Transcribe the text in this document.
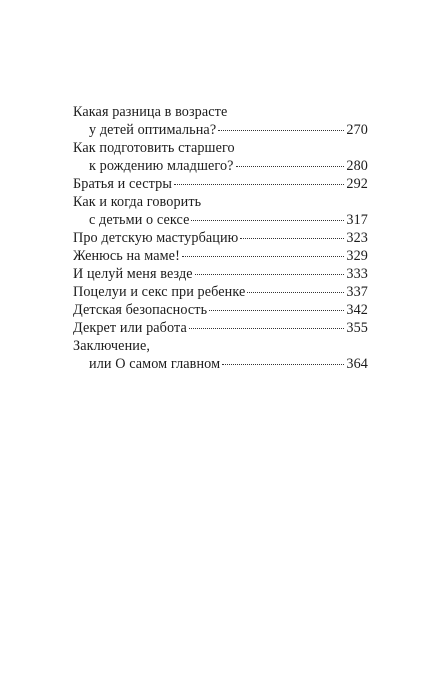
Какая разница в возрасте
у детей оптимальна?	270
Как подготовить старшего
к рождению младшего?	280
Братья и сестры	292
Как и когда говорить
с детьми о сексе	317
Про детскую мастурбацию	323
Женюсь на маме!	329
И целуй меня везде	333
Поцелуи и секс при ребенке	337
Детская безопасность	342
Декрет или работа	355
Заключение,
или О самом главном	364
